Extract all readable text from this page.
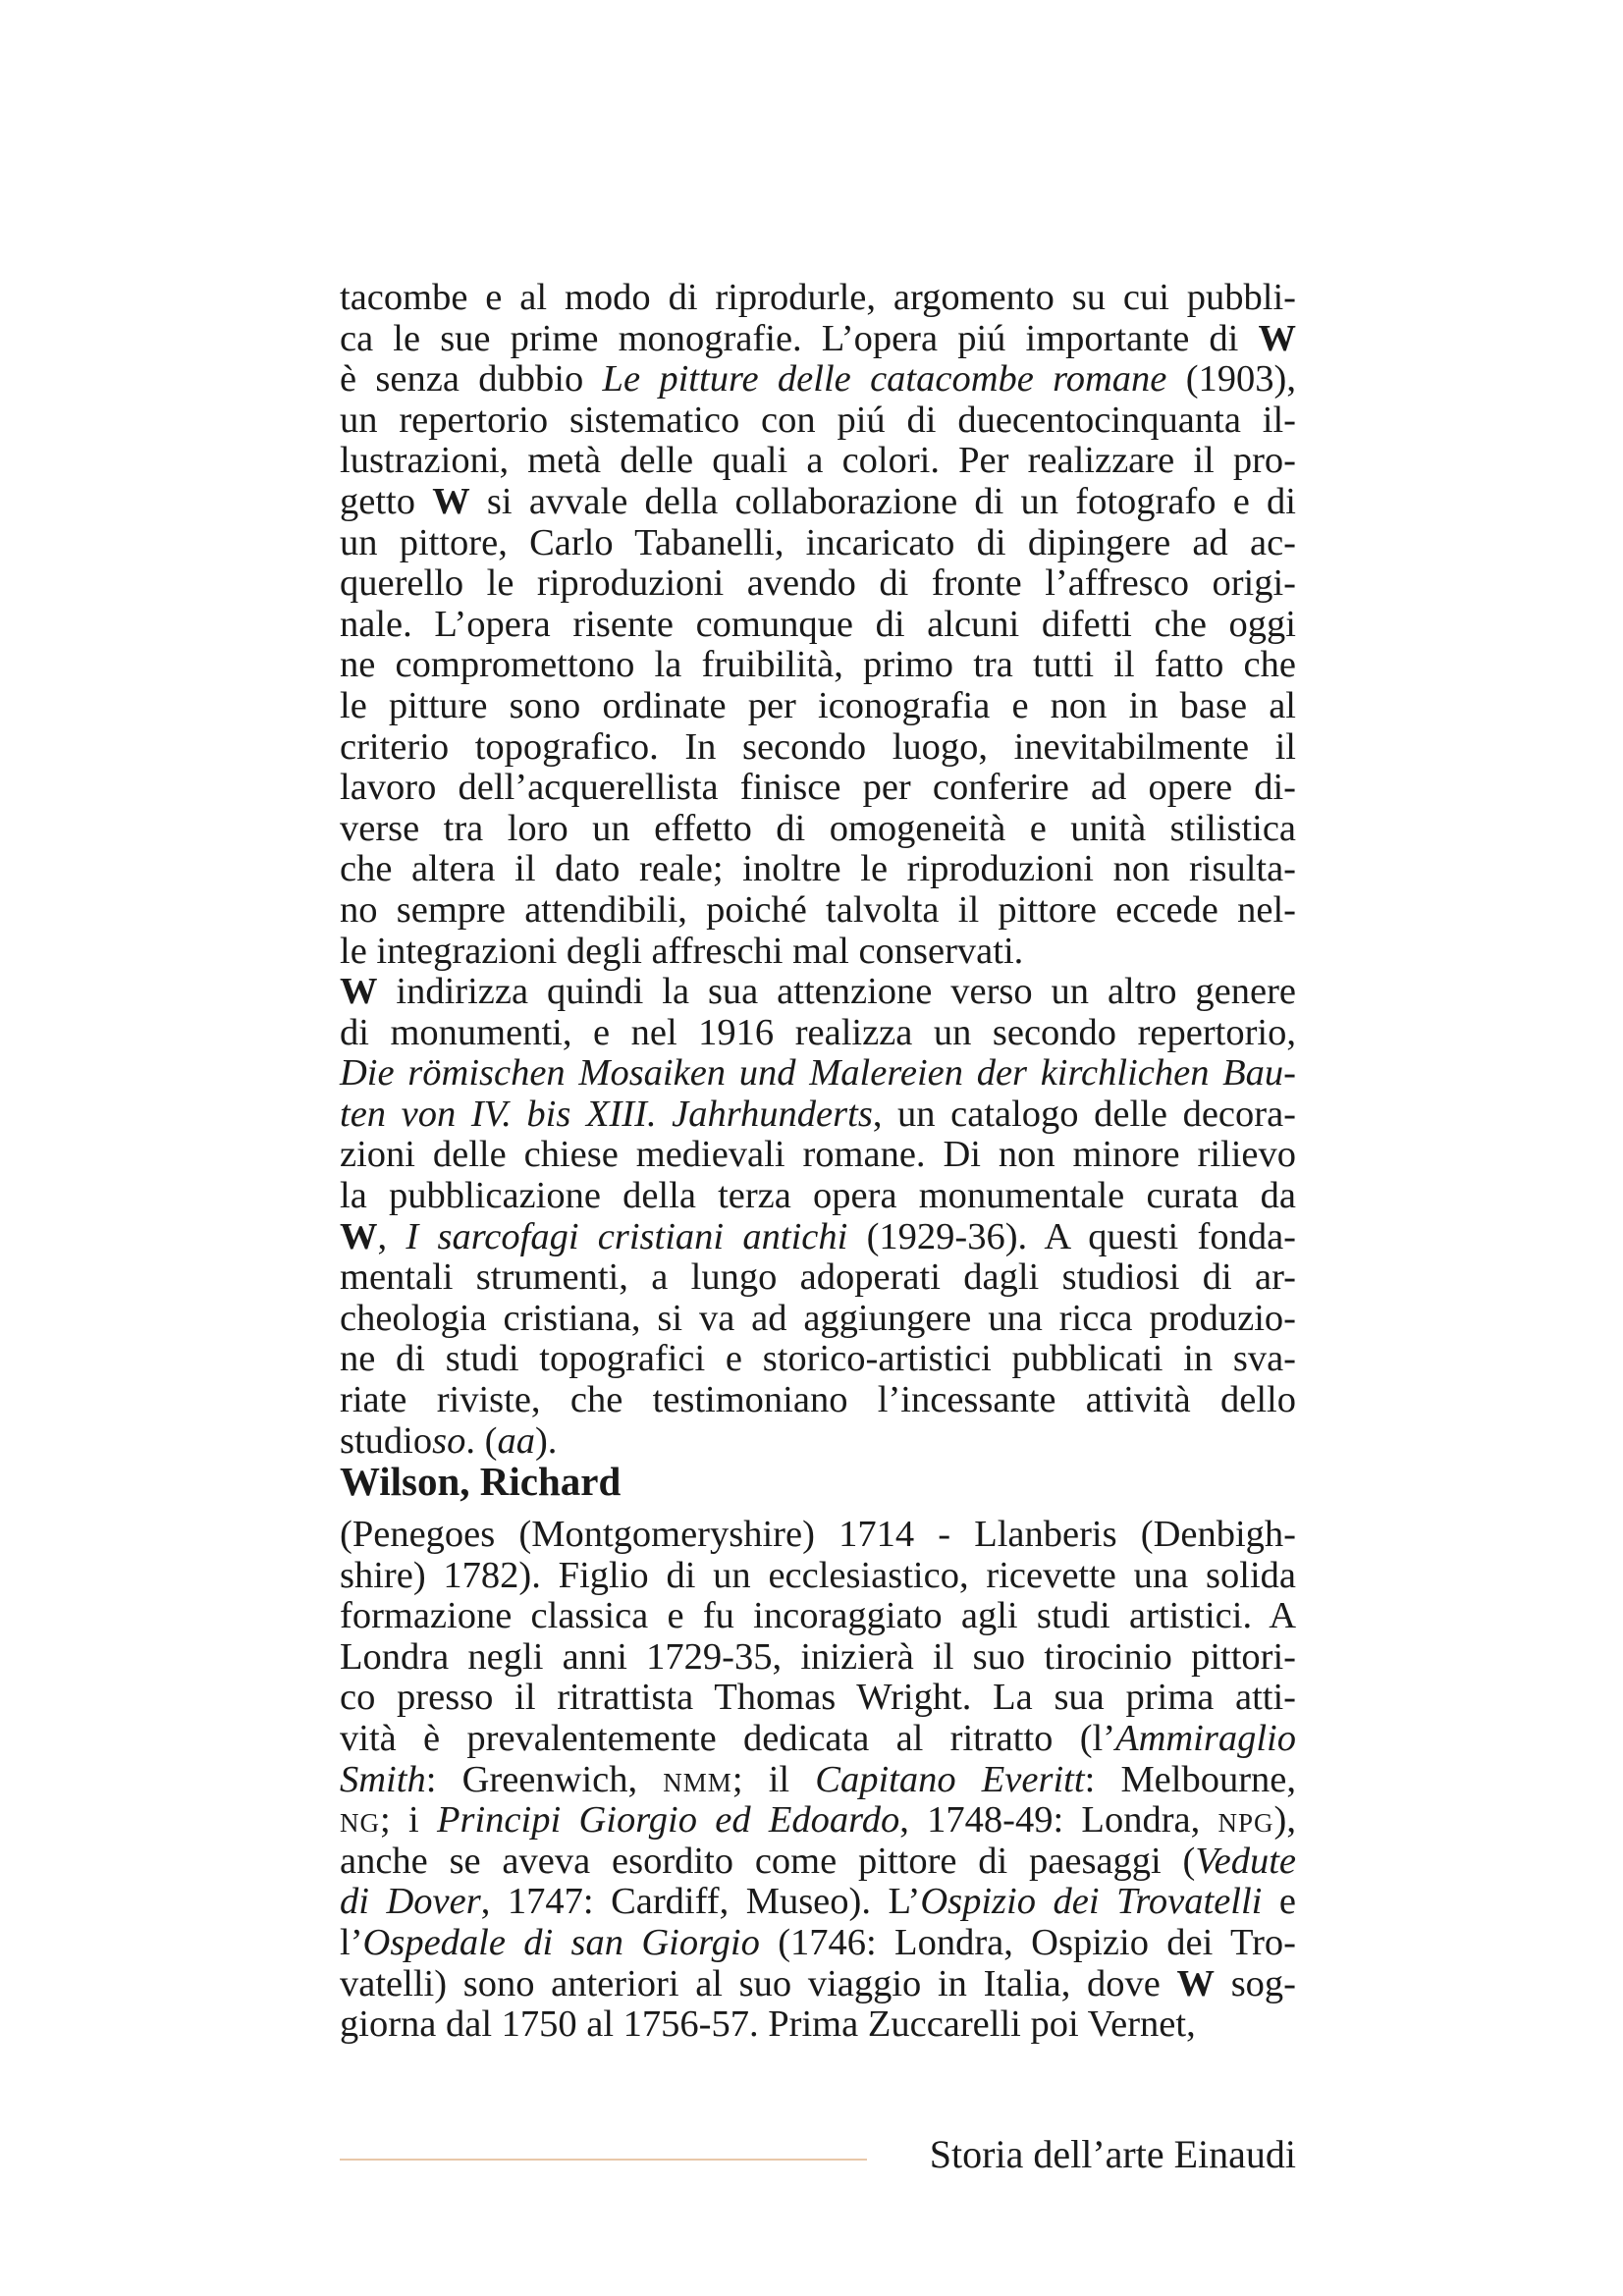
tacombe e al modo di riprodurle, argomento su cui pubbli-
ca le sue prime monografie. L’opera piú importante di W
è senza dubbio Le pitture delle catacombe romane (1903),
un repertorio sistematico con piú di duecentocinquanta il-
lustrazioni, metà delle quali a colori. Per realizzare il pro-
getto W si avvale della collaborazione di un fotografo e di
un pittore, Carlo Tabanelli, incaricato di dipingere ad ac-
querello le riproduzioni avendo di fronte l’affresco origi-
nale. L’opera risente comunque di alcuni difetti che oggi
ne compromettono la fruibilità, primo tra tutti il fatto che
le pitture sono ordinate per iconografia e non in base al
criterio topografico. In secondo luogo, inevitabilmente il
lavoro dell’acquerellista finisce per conferire ad opere di-
verse tra loro un effetto di omogeneità e unità stilistica
che altera il dato reale; inoltre le riproduzioni non risulta-
no sempre attendibili, poiché talvolta il pittore eccede nel-
le integrazioni degli affreschi mal conservati.
W indirizza quindi la sua attenzione verso un altro genere
di monumenti, e nel 1916 realizza un secondo repertorio,
Die römischen Mosaiken und Malereien der kirchlichen Bau-
ten von IV. bis XIII. Jahrhunderts, un catalogo delle decora-
zioni delle chiese medievali romane. Di non minore rilievo
la pubblicazione della terza opera monumentale curata da
W, I sarcofagi cristiani antichi (1929-36). A questi fonda-
mentali strumenti, a lungo adoperati dagli studiosi di ar-
cheologia cristiana, si va ad aggiungere una ricca produzio-
ne di studi topografici e storico-artistici pubblicati in sva-
riate riviste, che testimoniano l’incessante attività dello
studioso. (aa).
Wilson, Richard
(Penegoes (Montgomeryshire) 1714 - Llanberis (Denbigh-
shire) 1782). Figlio di un ecclesiastico, ricevette una solida
formazione classica e fu incoraggiato agli studi artistici. A
Londra negli anni 1729-35, inizierà il suo tirocinio pittori-
co presso il ritrattista Thomas Wright. La sua prima atti-
vità è prevalentemente dedicata al ritratto (l’Ammiraglio
Smith: Greenwich, NMM; il Capitano Everitt: Melbourne,
NG; i Principi Giorgio ed Edoardo, 1748-49: Londra, NPG),
anche se aveva esordito come pittore di paesaggi (Vedute
di Dover, 1747: Cardiff, Museo). L’Ospizio dei Trovatelli e
l’Ospedale di san Giorgio (1746: Londra, Ospizio dei Tro-
vatelli) sono anteriori al suo viaggio in Italia, dove W sog-
giorna dal 1750 al 1756-57. Prima Zuccarelli poi Vernet,
Storia dell’arte Einaudi
